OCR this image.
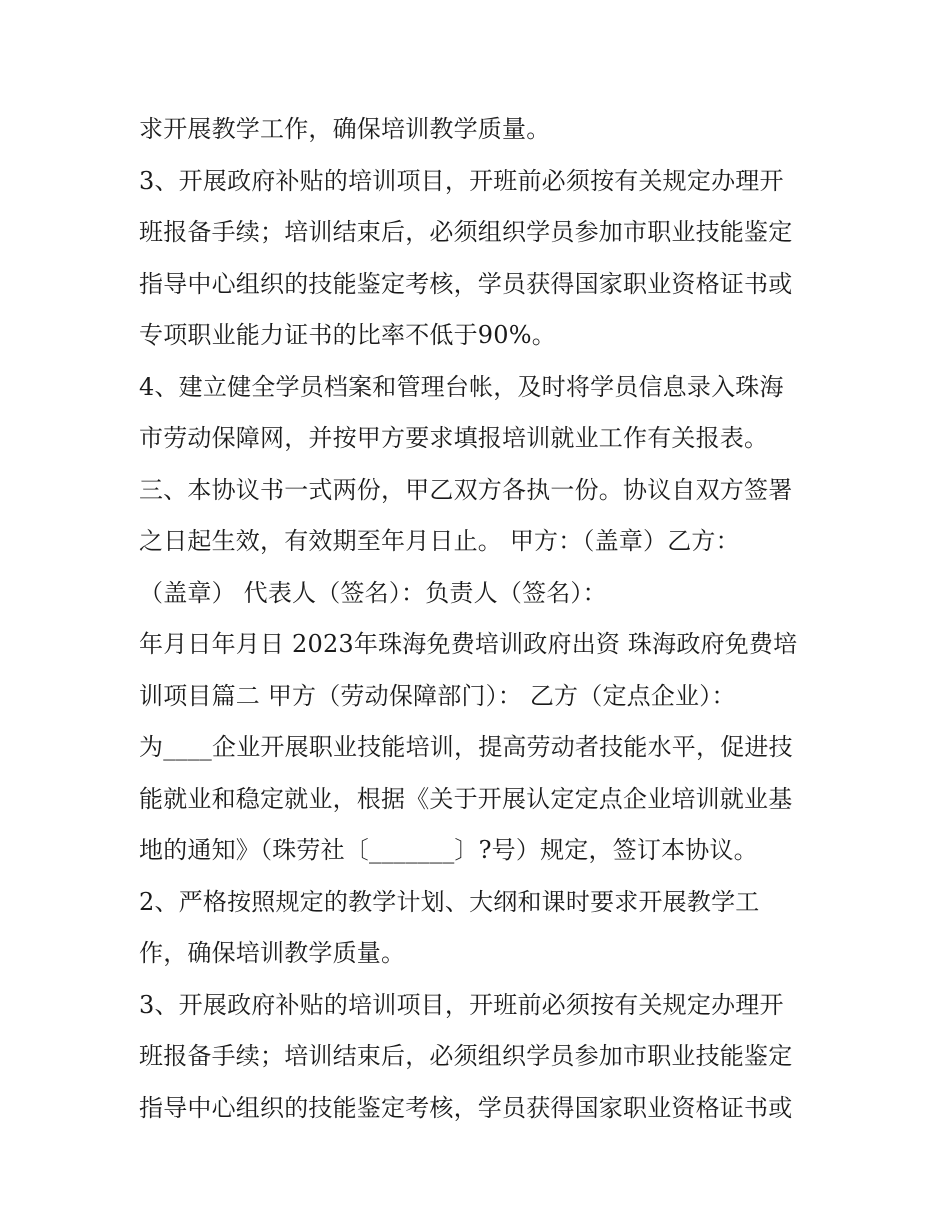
求开展教学工作，确保培训教学质量。
3、开展政府补贴的培训项目，开班前必须按有关规定办理开
班报备手续；培训结束后，必须组织学员参加市职业技能鉴定
指导中心组织的技能鉴定考核，学员获得国家职业资格证书或
专项职业能力证书的比率不低于90%。
4、建立健全学员档案和管理台帐，及时将学员信息录入珠海
市劳动保障网，并按甲方要求填报培训就业工作有关报表。
三、本协议书一式两份，甲乙双方各执一份。协议自双方签署
之日起生效，有效期至年月日止。 甲方：（盖章）乙方：
（盖章） 代表人（签名）：负责人（签名）：
年月日年月日 2023年珠海免费培训政府出资 珠海政府免费培
训项目篇二 甲方（劳动保障部门）： 乙方（定点企业）：
为____企业开展职业技能培训，提高劳动者技能水平，促进技
能就业和稳定就业，根据《关于开展认定定点企业培训就业基
地的通知》（珠劳社〔_______〕?号）规定，签订本协议。
2、严格按照规定的教学计划、大纲和课时要求开展教学工
作，确保培训教学质量。
3、开展政府补贴的培训项目，开班前必须按有关规定办理开
班报备手续；培训结束后，必须组织学员参加市职业技能鉴定
指导中心组织的技能鉴定考核，学员获得国家职业资格证书或
